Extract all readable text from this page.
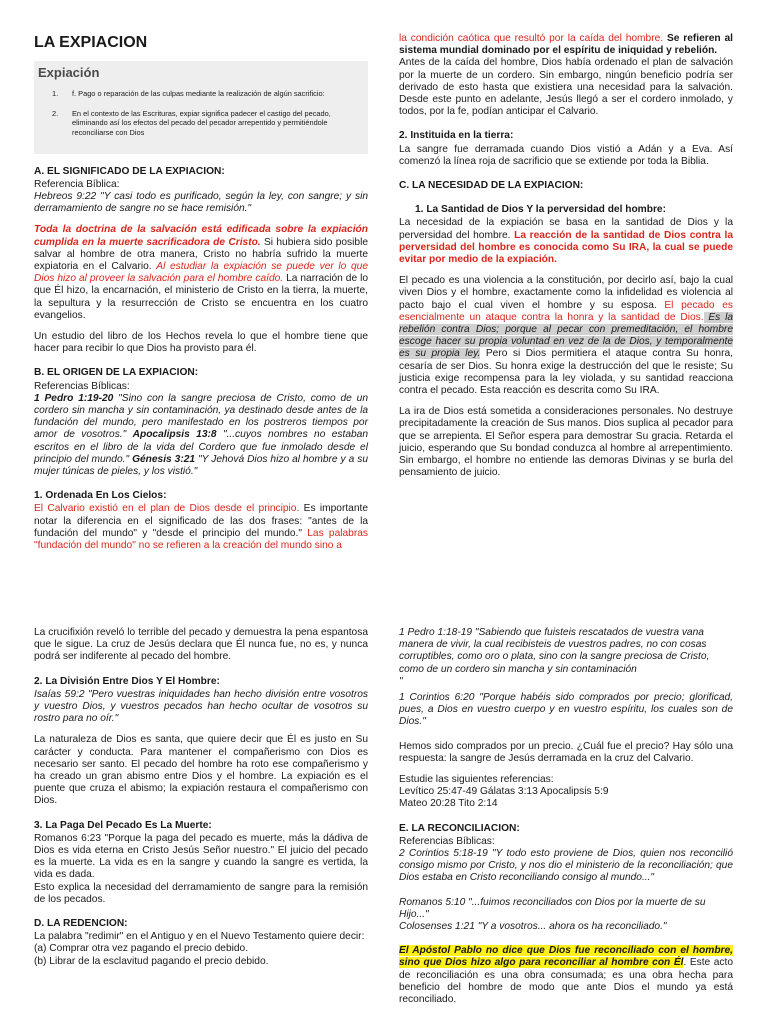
LA EXPIACION
Expiación
1. f. Pago o reparación de las culpas mediante la realización de algún sacrificio:
2. En el contexto de las Escrituras, expiar significa padecer el castigo del pecado, eliminando así los efectos del pecado del pecador arrepentido y permitiéndole reconciliarse con Dios
A. EL SIGNIFICADO DE LA EXPIACION:
Referencia Bíblica:

Hebreos 9:22 "Y casi todo es purificado, según la ley, con sangre; y sin derramamiento de sangre no se hace remisión."

Toda la doctrina de la salvación está edificada sobre la expiación cumplida en la muerte sacrificadora de Cristo. Si hubiera sido posible salvar al hombre de otra manera, Cristo no habría sufrido la muerte expiatoria en el Calvario. Al estudiar la expiación se puede ver lo que Dios hizo al proveer la salvación para el hombre caído. La narración de lo que Él hizo, la encarnación, el ministerio de Cristo en la tierra, la muerte, la sepultura y la resurrección de Cristo se encuentra en los cuatro evangelios.

Un estudio del libro de los Hechos revela lo que el hombre tiene que hacer para recibir lo que Dios ha provisto para él.

B. EL ORIGEN DE LA EXPIACION:
Referencias Bíblicas:

1 Pedro 1:19-20 "Sino con la sangre preciosa de Cristo, como de un cordero sin mancha y sin contaminación, ya destinado desde antes de la fundación del mundo, pero manifestado en los postreros tiempos por amor de vosotros." Apocalipsis 13:8 "...cuyos nombres no estaban escritos en el libro de la vida del Cordero que fue inmolado desde el principio del mundo." Génesis 3:21 "Y Jehová Dios hizo al hombre y a su mujer túnicas de pieles, y los vistió."

1. Ordenada En Los Cielos:

El Calvario existió en el plan de Dios desde el principio. Es importante notar la diferencia en el significado de las dos frases: "antes de la fundación del mundo" y "desde el principio del mundo." Las palabras "fundación del mundo" no se refieren a la creación del mundo sino a

la condición caótica que resultó por la caída del hombre. Se refieren al sistema mundial dominado por el espíritu de iniquidad y rebelión.
Antes de la caída del hombre, Dios había ordenado el plan de salvación por la muerte de un cordero. Sin embargo, ningún beneficio podría ser derivado de esto hasta que existiera una necesidad para la salvación. Desde este punto en adelante, Jesús llegó a ser el cordero inmolado, y todos, por la fe, podían anticipar el Calvario.

2. Instituida en la tierra:

La sangre fue derramada cuando Dios vistió a Adán y a Eva. Así comenzó la línea roja de sacrificio que se extiende por toda la Biblia.

C. LA NECESIDAD DE LA EXPIACION:
1. La Santidad de Dios Y la perversidad del hombre:

La necesidad de la expiación se basa en la santidad de Dios y la perversidad del hombre. La reacción de la santidad de Dios contra la perversidad del hombre es conocida como Su IRA, la cual se puede evitar por medio de la expiación.

El pecado es una violencia a la constitución, por decirlo así, bajo la cual viven Dios y el hombre, exactamente como la infidelidad es violencia al pacto bajo el cual viven el hombre y su esposa. El pecado es esencialmente un ataque contra la honra y la santidad de Dios. Es la rebelión contra Dios; porque al pecar con premeditación, el hombre escoge hacer su propia voluntad en vez de la de Dios, y temporalmente es su propia ley. Pero si Dios permitiera el ataque contra Su honra, cesaría de ser Dios. Su honra exige la destrucción del que le resiste; Su justicia exige recompensa para la ley violada, y su santidad reacciona contra el pecado. Esta reacción es descrita como Su IRA.

La ira de Dios está sometida a consideraciones personales. No destruye precipitadamente la creación de Sus manos. Dios suplica al pecador para que se arrepienta. El Señor espera para demostrar Su gracia. Retarda el juicio, esperando que Su bondad conduzca al hombre al arrepentimiento. Sin embargo, el hombre no entiende las demoras Divinas y se burla del pensamiento de juicio.

La crucifixión reveló lo terrible del pecado y demuestra la pena espantosa que le sigue. La cruz de Jesús declara que Él nunca fue, no es, y nunca podrá ser indiferente al pecado del hombre.

2. La División Entre Dios Y El Hombre:

Isaías 59:2 "Pero vuestras iniquidades han hecho división entre vosotros y vuestro Dios, y vuestros pecados han hecho ocultar de vosotros su rostro para no oír."

La naturaleza de Dios es santa, que quiere decir que Él es justo en Su carácter y conducta. Para mantener el compañerismo con Dios es necesario ser santo. El pecado del hombre ha roto ese compañerismo y ha creado un gran abismo entre Dios y el hombre. La expiación es el puente que cruza el abismo; la expiación restaura el compañerismo con Dios.

3. La Paga Del Pecado Es La Muerte:
Romanos 6:23 "Porque la paga del pecado es muerte, más la dádiva de Dios es vida eterna en Cristo Jesús Señor nuestro." El juicio del pecado es la muerte. La vida es en la sangre y cuando la sangre es vertida, la vida es dada.

Esto explica la necesidad del derramamiento de sangre para la remisión de los pecados.

D. LA REDENCION:
La palabra "redimir" en el Antiguo y en el Nuevo Testamento quiere decir:
(a) Comprar otra vez pagando el precio debido.
(b) Librar de la esclavitud pagando el precio debido.
1 Pedro 1:18-19 "Sabiendo que fuisteis rescatados de vuestra vana manera de vivir, la cual recibisteis de vuestros padres, no con cosas corruptibles, como oro o plata, sino con la sangre preciosa de Cristo, como de un cordero sin mancha y sin contaminación
"

1 Corintios 6:20 "Porque habéis sido comprados por precio; glorificad, pues, a Dios en vuestro cuerpo y en vuestro espíritu, los cuales son de Dios."

Hemos sido comprados por un precio. ¿Cuál fue el precio? Hay sólo una respuesta: la sangre de Jesús derramada en la cruz del Calvario.

Estudie las siguientes referencias:
Levítico 25:47-49 Gálatas 3:13 Apocalipsis 5:9
Mateo 20:28 Tito 2:14
E. LA RECONCILIACION:
Referencias Bíblicas:

2 Corintios 5:18-19 "Y todo esto proviene de Dios, quien nos reconcilió consigo mismo por Cristo, y nos dio el ministerio de la reconciliación; que Dios estaba en Cristo reconciliando consigo al mundo..."

Romanos 5:10 "...fuimos reconciliados con Dios por la muerte de su Hijo..."

Colosenses 1:21 "Y a vosotros... ahora os ha reconciliado."

El Apóstol Pablo no dice que Dios fue reconciliado con el hombre, sino que Dios hizo algo para reconciliar al hombre con Él. Este acto de reconciliación es una obra consumada; es una obra hecha para beneficio del hombre de modo que ante Dios el mundo ya está reconciliado.
